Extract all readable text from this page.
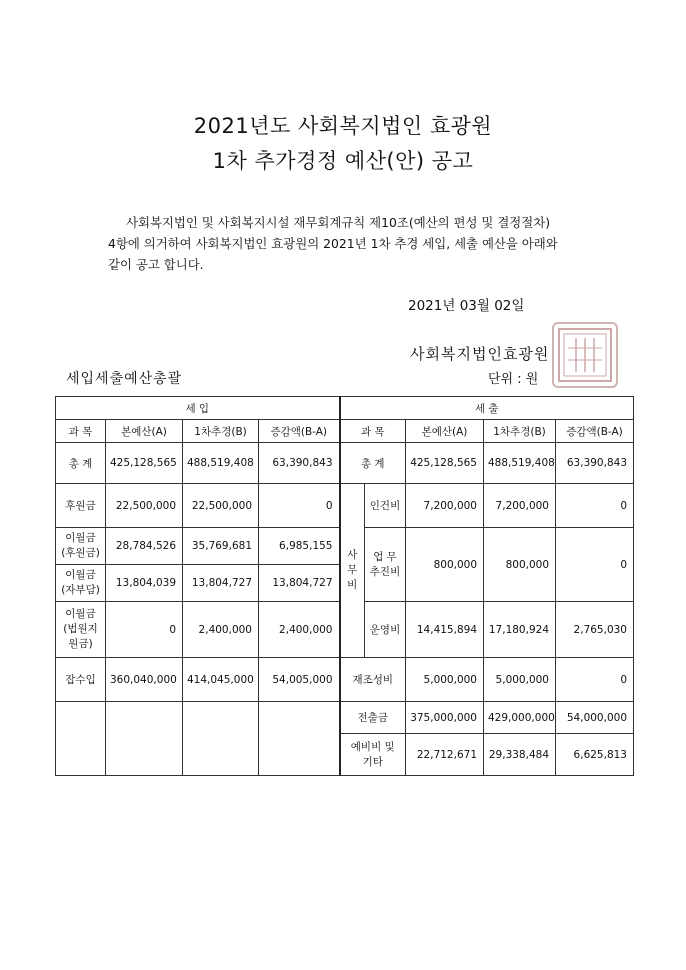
2021년도 사회복지법인 효광원
1차 추가경정 예산(안) 공고
사회복지법인 및 사회복지시설 재무회계규칙 제10조(예산의 편성 및 결정절차)
4항에 의거하여 사회복지법인 효광원의 2021년 1차 추경 세입, 세출 예산을 아래와
같이 공고 합니다.
2021년 03월 02일
사회복지법인효광원
세입세출예산총괄	단위 : 원
세 입				세 출				
과 목	본예산(A)	1차추경(B)	증감액(B-A)	과 목		본예산(A)	1차추경(B)	증감액(B-A)
총 계	425,128,565	488,519,408	63,390,843	총 계		425,128,565	488,519,408	63,390,843
후원금	22,500,000	22,500,000	0	사 무 비	인건비	7,200,000	7,200,000	0
이월금 (후원금)	28,784,526	35,769,681	6,985,155		업 무 추진비	800,000	800,000	0
이월금 (자부담)	13,804,039	13,804,727	13,804,727					
이월금 (법원지 원금)	0	2,400,000	2,400,000		운영비	14,415,894	17,180,924	2,765,030
잡수입	360,040,000	414,045,000	54,005,000	재조성비		5,000,000	5,000,000	0
				전출금		375,000,000	429,000,000	54,000,000
				예비비 및 기타		22,712,671	29,338,484	6,625,813
